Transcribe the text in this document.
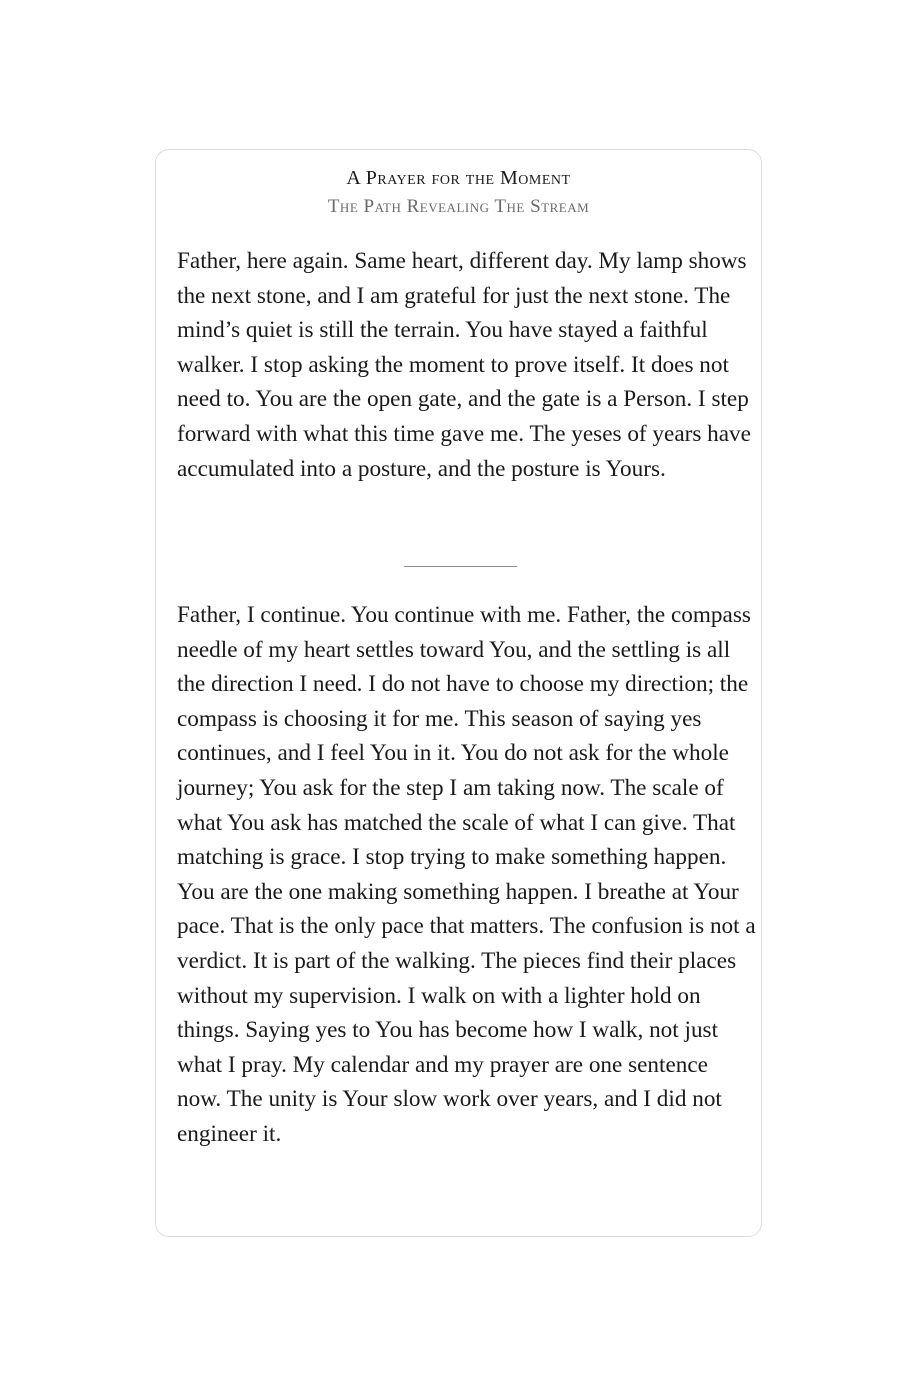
A Prayer for the Moment
The Path Revealing The Stream

Father, here again. Same heart, different day. My lamp shows the next stone, and I am grateful for just the next stone. The mind’s quiet is still the terrain. You have stayed a faithful walker. I stop asking the moment to prove itself. It does not need to. You are the open gate, and the gate is a Person. I step forward with what this time gave me. The yeses of years have accumulated into a posture, and the posture is Yours.

Father, I continue. You continue with me. Father, the compass needle of my heart settles toward You, and the settling is all the direction I need. I do not have to choose my direction; the compass is choosing it for me. This season of saying yes continues, and I feel You in it. You do not ask for the whole journey; You ask for the step I am taking now. The scale of what You ask has matched the scale of what I can give. That matching is grace. I stop trying to make something happen. You are the one making something happen. I breathe at Your pace. That is the only pace that matters. The confusion is not a verdict. It is part of the walking. The pieces find their places without my supervision. I walk on with a lighter hold on things. Saying yes to You has become how I walk, not just what I pray. My calendar and my prayer are one sentence now. The unity is Your slow work over years, and I did not engineer it.
